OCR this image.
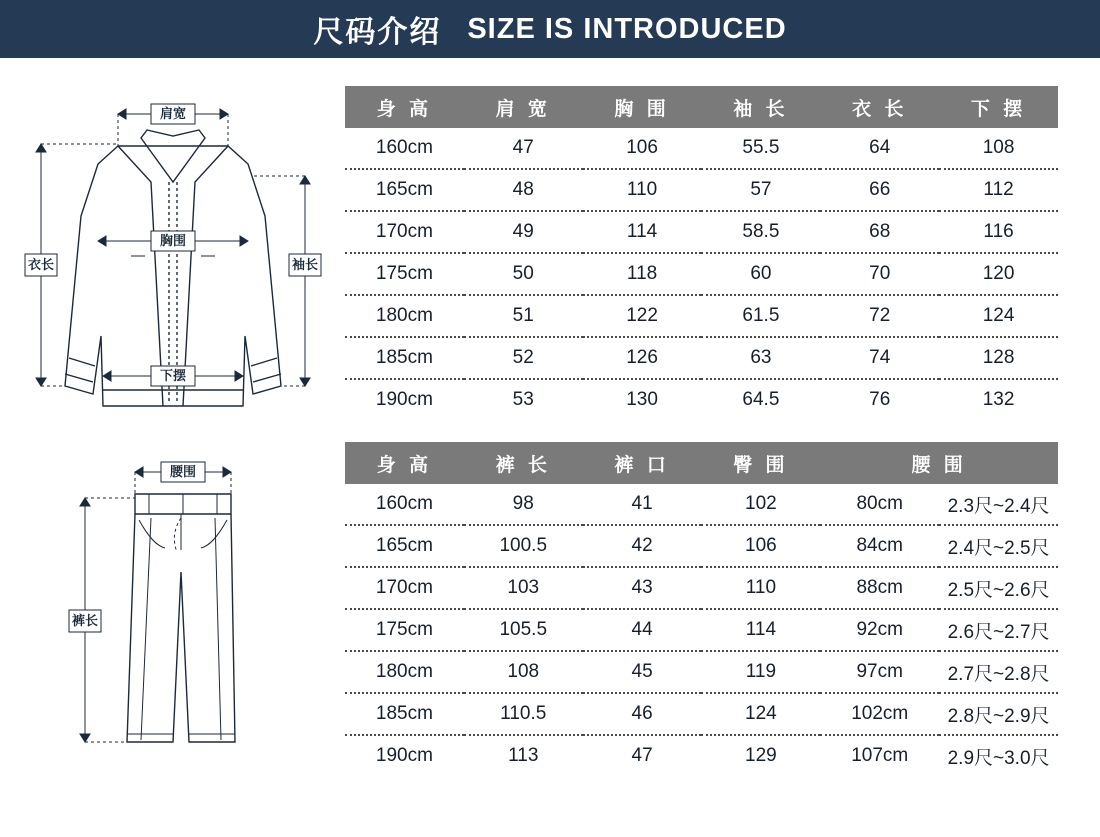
尺码介绍 SIZE IS INTRODUCED
肩宽
胸围
下摆
衣长	袖长
身 高	肩 宽	胸 围	袖 长	衣 长	下 摆
160cm	47	106	55.5	64	108
165cm	48	110	57	66	112
170cm	49	114	58.5	68	116
175cm	50	118	60	70	120
180cm	51	122	61.5	72	124
185cm	52	126	63	74	128
190cm	53	130	64.5	76	132
腰围
裤长
身 高	裤 长	裤 口	臀 围	腰 围	
160cm	98	41	102	80cm	2.3尺~2.4尺
165cm	100.5	42	106	84cm	2.4尺~2.5尺
170cm	103	43	110	88cm	2.5尺~2.6尺
175cm	105.5	44	114	92cm	2.6尺~2.7尺
180cm	108	45	119	97cm	2.7尺~2.8尺
185cm	110.5	46	124	102cm	2.8尺~2.9尺
190cm	113	47	129	107cm	2.9尺~3.0尺
